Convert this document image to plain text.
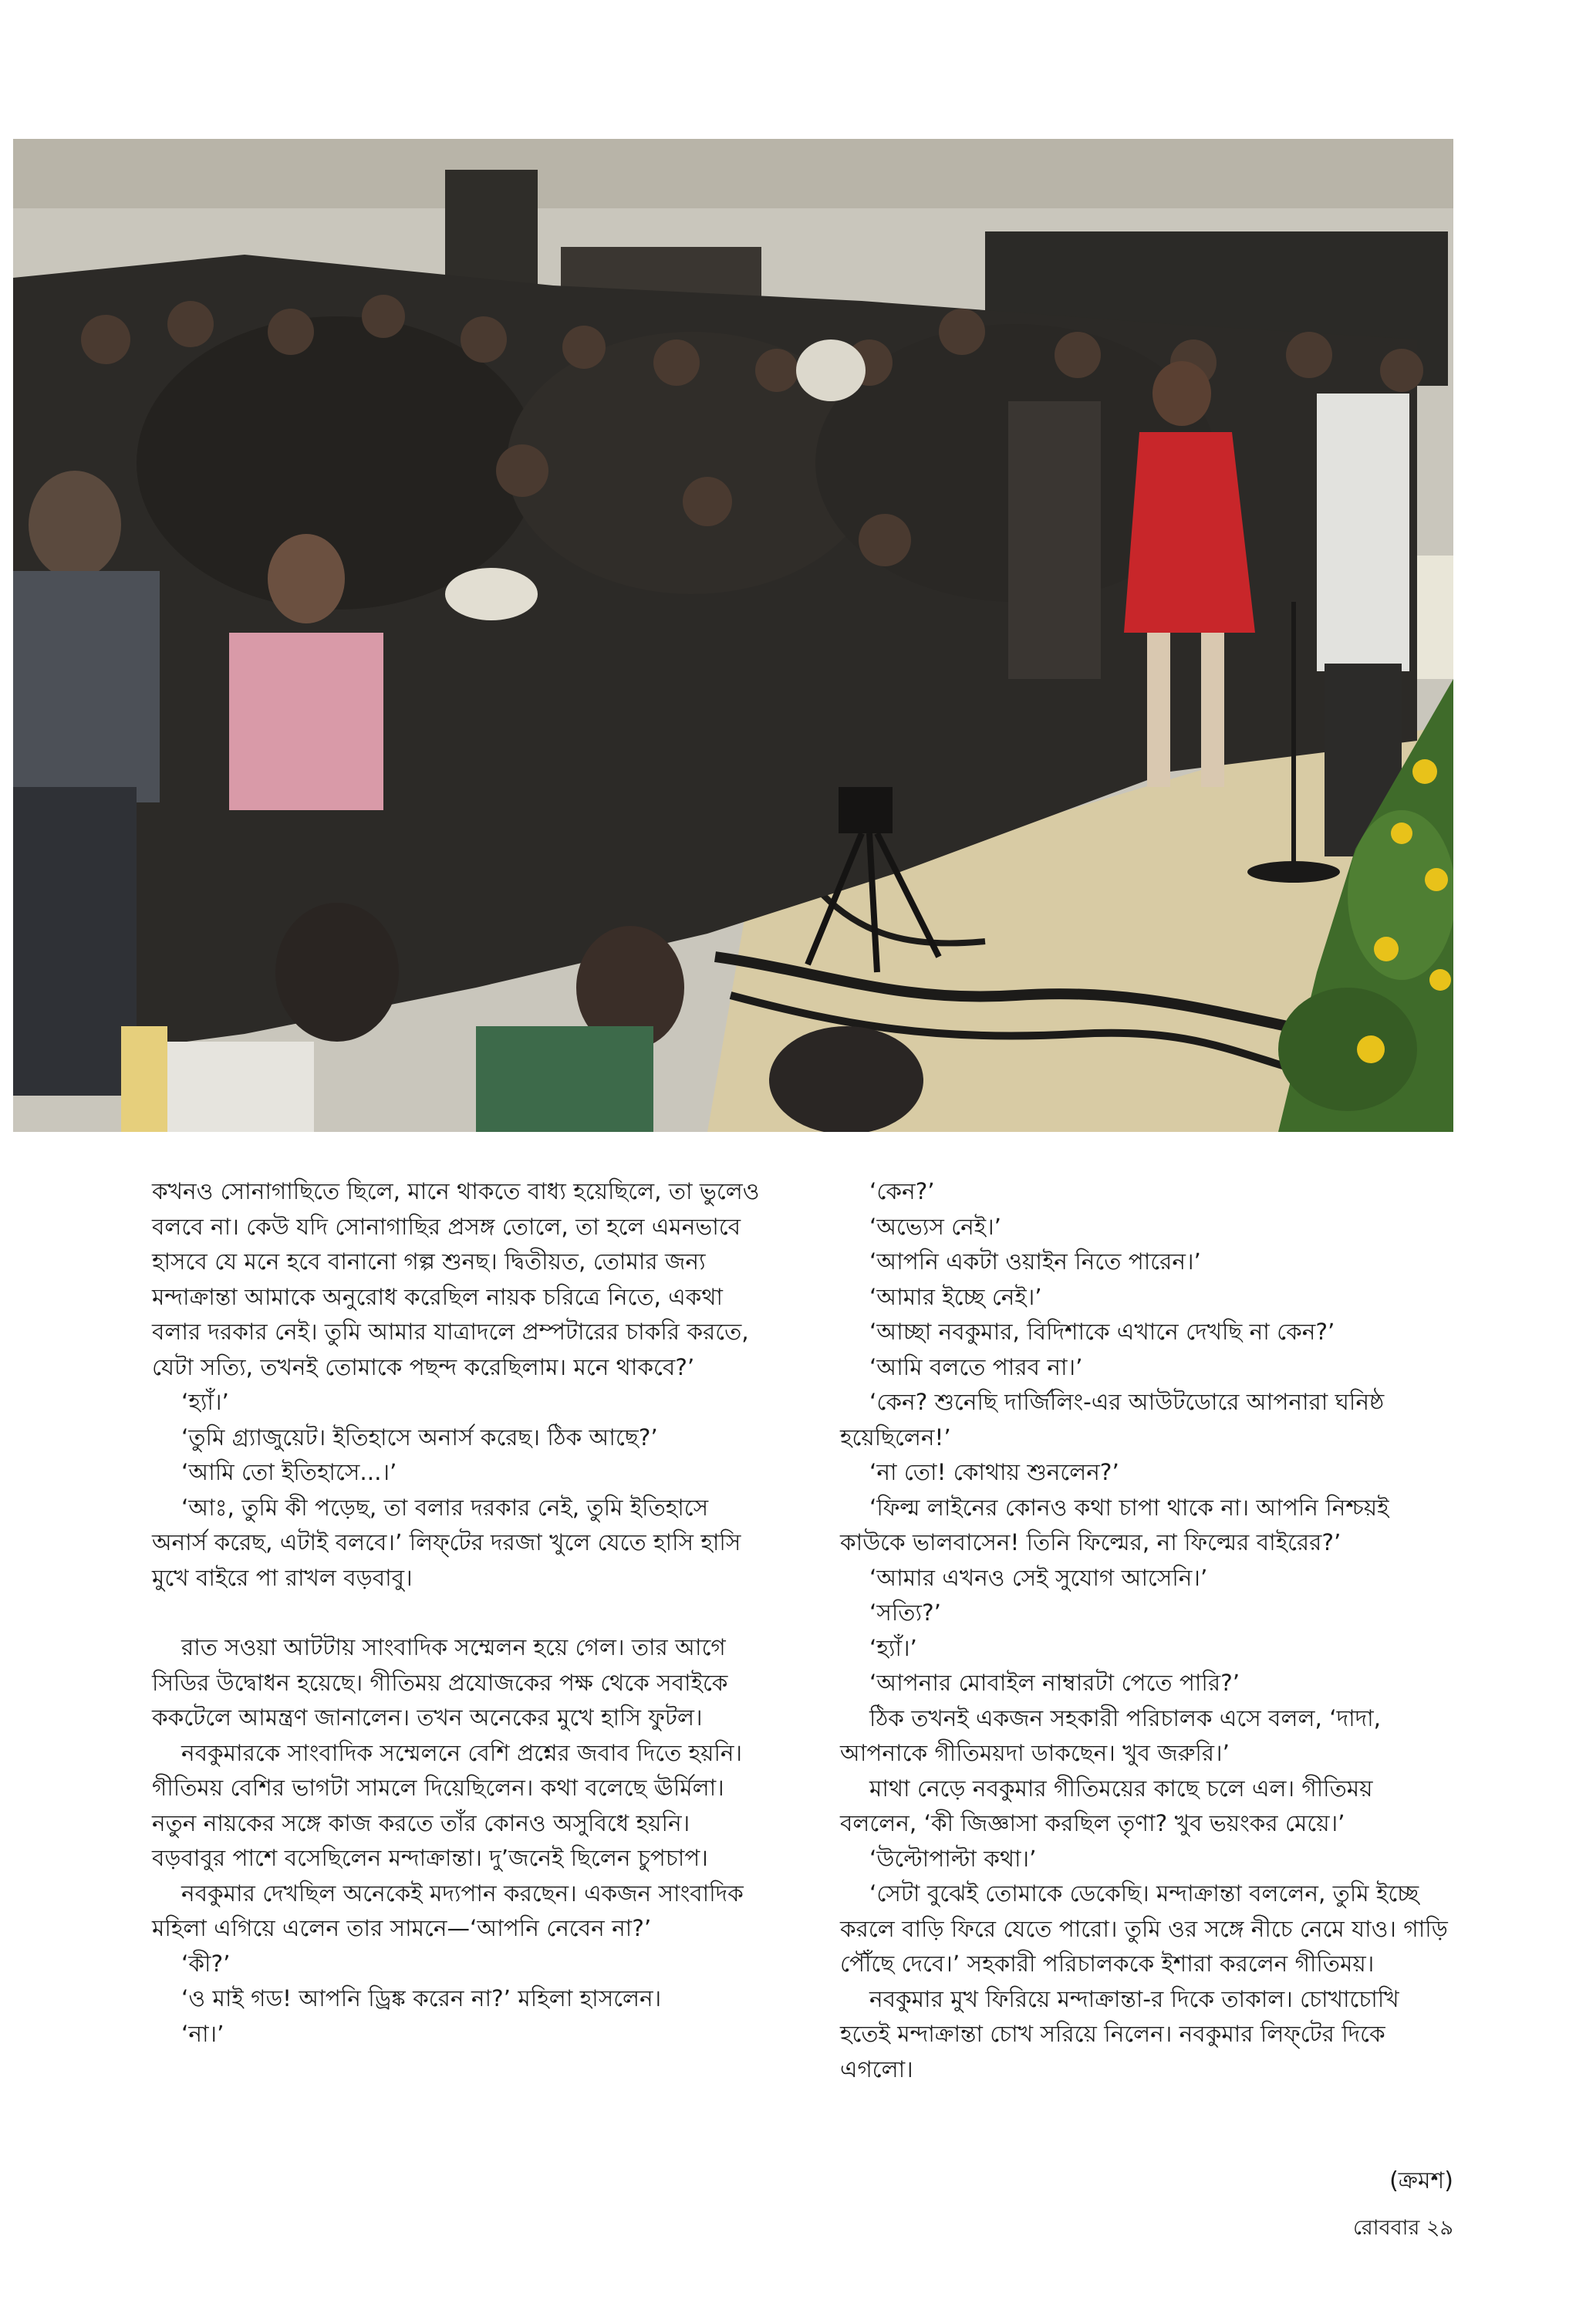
কখনও সোনাগাছিতে ছিলে, মানে থাকতে বাধ্য হয়েছিলে, তা ভুলেও বলবে না। কেউ যদি সোনাগাছির প্রসঙ্গ তোলে, তা হলে এমনভাবে হাসবে যে মনে হবে বানানো গল্প শুনছ। দ্বিতীয়ত, তোমার জন্য মন্দাক্রান্তা আমাকে অনুরোধ করেছিল নায়ক চরিত্রে নিতে, একথা বলার দরকার নেই। তুমি আমার যাত্রাদলে প্রম্পটারের চাকরি করতে, যেটা সত্যি, তখনই তোমাকে পছন্দ করেছিলাম। মনে থাকবে?’

‘হ্যাঁ।’

‘তুমি গ্র্যাজুয়েট। ইতিহাসে অনার্স করেছ। ঠিক আছে?’

‘আমি তো ইতিহাসে...।’

‘আঃ, তুমি কী পড়েছ, তা বলার দরকার নেই, তুমি ইতিহাসে অনার্স করেছ, এটাই বলবে।’ লিফ্‌টের দরজা খুলে যেতে হাসি হাসি মুখে বাইরে পা রাখল বড়বাবু।

রাত সওয়া আটটায় সাংবাদিক সম্মেলন হয়ে গেল। তার আগে সিডির উদ্বোধন হয়েছে। গীতিময় প্রযোজকের পক্ষ থেকে সবাইকে ককটেলে আমন্ত্রণ জানালেন। তখন অনেকের মুখে হাসি ফুটল।

নবকুমারকে সাংবাদিক সম্মেলনে বেশি প্রশ্নের জবাব দিতে হয়নি। গীতিময় বেশির ভাগটা সামলে দিয়েছিলেন। কথা বলেছে ঊর্মিলা। নতুন নায়কের সঙ্গে কাজ করতে তাঁর কোনও অসুবিধে হয়নি। বড়বাবুর পাশে বসেছিলেন মন্দাক্রান্তা। দু’জনেই ছিলেন চুপচাপ।

নবকুমার দেখছিল অনেকেই মদ্যপান করছেন। একজন সাংবাদিক মহিলা এগিয়ে এলেন তার সামনে—‘আপনি নেবেন না?’

‘কী?’

‘ও মাই গড! আপনি ড্রিঙ্ক করেন না?’ মহিলা হাসলেন।

‘না।’

‘কেন?’

‘অভ্যেস নেই।’

‘আপনি একটা ওয়াইন নিতে পারেন।’

‘আমার ইচ্ছে নেই।’

‘আচ্ছা নবকুমার, বিদিশাকে এখানে দেখছি না কেন?’

‘আমি বলতে পারব না।’

‘কেন? শুনেছি দার্জিলিং-এর আউটডোরে আপনারা ঘনিষ্ঠ হয়েছিলেন!’

‘না তো! কোথায় শুনলেন?’

‘ফিল্ম লাইনের কোনও কথা চাপা থাকে না। আপনি নিশ্চয়ই কাউকে ভালবাসেন! তিনি ফিল্মের, না ফিল্মের বাইরের?’

‘আমার এখনও সেই সুযোগ আসেনি।’

‘সত্যি?’

‘হ্যাঁ।’

‘আপনার মোবাইল নাম্বারটা পেতে পারি?’

ঠিক তখনই একজন সহকারী পরিচালক এসে বলল, ‘দাদা, আপনাকে গীতিময়দা ডাকছেন। খুব জরুরি।’

মাথা নেড়ে নবকুমার গীতিময়ের কাছে চলে এল। গীতিময় বললেন, ‘কী জিজ্ঞাসা করছিল তৃণা? খুব ভয়ংকর মেয়ে।’

‘উল্টোপাল্টা কথা।’

‘সেটা বুঝেই তোমাকে ডেকেছি। মন্দাক্রান্তা বললেন, তুমি ইচ্ছে করলে বাড়ি ফিরে যেতে পারো। তুমি ওর সঙ্গে নীচে নেমে যাও। গাড়ি পৌঁছে দেবে।’ সহকারী পরিচালককে ইশারা করলেন গীতিময়।

নবকুমার মুখ ফিরিয়ে মন্দাক্রান্তা-র দিকে তাকাল। চোখাচোখি হতেই মন্দাক্রান্তা চোখ সরিয়ে নিলেন। নবকুমার লিফ্‌টের দিকে এগলো।

(ক্রমশ)
রোববার ২৯
